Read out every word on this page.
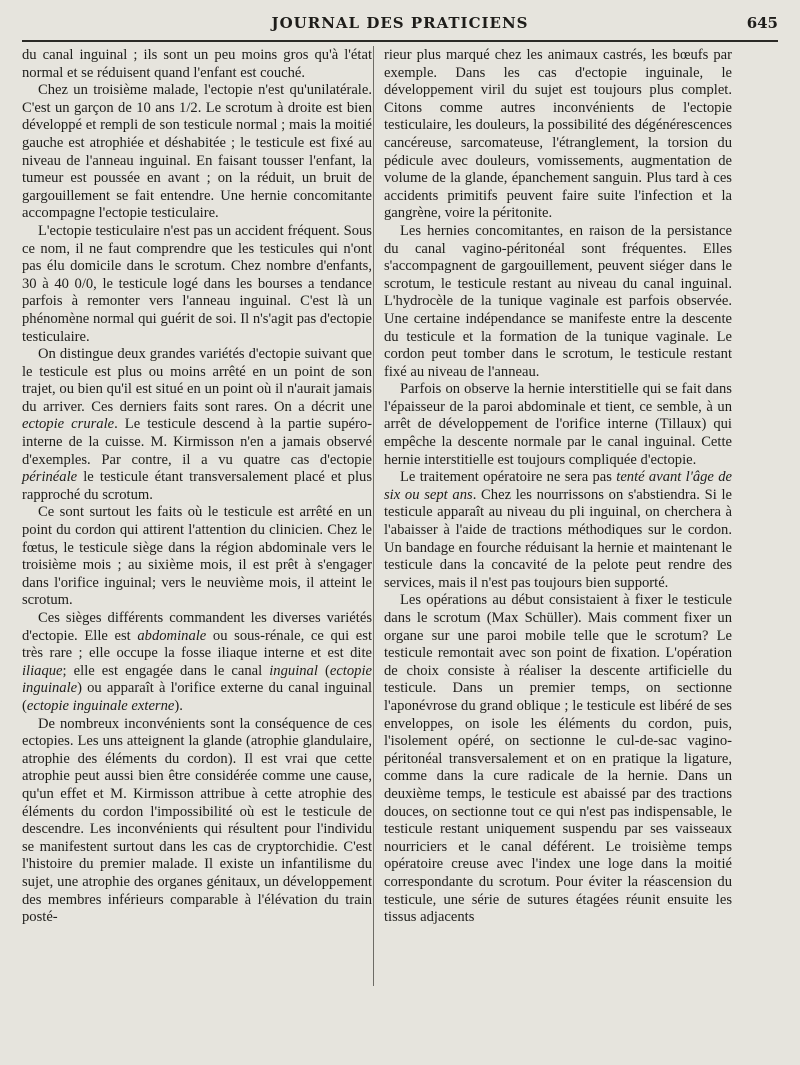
JOURNAL DES PRATICIENS	645

du canal inguinal ; ils sont un peu moins gros qu'à l'état normal et se réduisent quand l'enfant est couché.

Chez un troisième malade, l'ectopie n'est qu'unilatérale. C'est un garçon de 10 ans 1/2. Le scrotum à droite est bien développé et rempli de son testicule normal ; mais la moitié gauche est atrophiée et déshabitée ; le testicule est fixé au niveau de l'anneau inguinal. En faisant tousser l'enfant, la tumeur est poussée en avant ; on la réduit, un bruit de gargouillement se fait entendre. Une hernie concomitante accompagne l'ectopie testiculaire.

L'ectopie testiculaire n'est pas un accident fréquent. Sous ce nom, il ne faut comprendre que les testicules qui n'ont pas élu domicile dans le scrotum. Chez nombre d'enfants, 30 à 40 0/0, le testicule logé dans les bourses a tendance parfois à remonter vers l'anneau inguinal. C'est là un phénomène normal qui guérit de soi. Il n's'agit pas d'ectopie testiculaire.

On distingue deux grandes variétés d'ectopie suivant que le testicule est plus ou moins arrêté en un point de son trajet, ou bien qu'il est situé en un point où il n'aurait jamais du arriver. Ces derniers faits sont rares. On a décrit une ectopie crurale. Le testicule descend à la partie supéro-interne de la cuisse. M. Kirmisson n'en a jamais observé d'exemples. Par contre, il a vu quatre cas d'ectopie périnéale le testicule étant transversalement placé et plus rapproché du scrotum.

Ce sont surtout les faits où le testicule est arrêté en un point du cordon qui attirent l'attention du clinicien. Chez le fœtus, le testicule siège dans la région abdominale vers le troisième mois ; au sixième mois, il est prêt à s'engager dans l'orifice inguinal; vers le neuvième mois, il atteint le scrotum.

Ces sièges différents commandent les diverses variétés d'ectopie. Elle est abdominale ou sous-rénale, ce qui est très rare ; elle occupe la fosse iliaque interne et est dite iliaque; elle est engagée dans le canal inguinal (ectopie inguinale) ou apparaît à l'orifice externe du canal inguinal (ectopie inguinale externe).

De nombreux inconvénients sont la conséquence de ces ectopies. Les uns atteignent la glande (atrophie glandulaire, atrophie des éléments du cordon). Il est vrai que cette atrophie peut aussi bien être considérée comme une cause, qu'un effet et M. Kirmisson attribue à cette atrophie des éléments du cordon l'impossibilité où est le testicule de descendre. Les inconvénients qui résultent pour l'individu se manifestent surtout dans les cas de cryptorchidie. C'est l'histoire du premier malade. Il existe un infantilisme du sujet, une atrophie des organes génitaux, un développement des membres inférieurs comparable à l'élévation du train posté-

rieur plus marqué chez les animaux castrés, les bœufs par exemple. Dans les cas d'ectopie inguinale, le développement viril du sujet est toujours plus complet. Citons comme autres inconvénients de l'ectopie testiculaire, les douleurs, la possibilité des dégénérescences cancéreuse, sarcomateuse, l'étranglement, la torsion du pédicule avec douleurs, vomissements, augmentation de volume de la glande, épanchement sanguin. Plus tard à ces accidents primitifs peuvent faire suite l'infection et la gangrène, voire la péritonite.

Les hernies concomitantes, en raison de la persistance du canal vagino-péritonéal sont fréquentes. Elles s'accompagnent de gargouillement, peuvent siéger dans le scrotum, le testicule restant au niveau du canal inguinal. L'hydrocèle de la tunique vaginale est parfois observée. Une certaine indépendance se manifeste entre la descente du testicule et la formation de la tunique vaginale. Le cordon peut tomber dans le scrotum, le testicule restant fixé au niveau de l'anneau.

Parfois on observe la hernie interstitielle qui se fait dans l'épaisseur de la paroi abdominale et tient, ce semble, à un arrêt de développement de l'orifice interne (Tillaux) qui empêche la descente normale par le canal inguinal. Cette hernie interstitielle est toujours compliquée d'ectopie.

Le traitement opératoire ne sera pas tenté avant l'âge de six ou sept ans. Chez les nourrissons on s'abstiendra. Si le testicule apparaît au niveau du pli inguinal, on cherchera à l'abaisser à l'aide de tractions méthodiques sur le cordon. Un bandage en fourche réduisant la hernie et maintenant le testicule dans la concavité de la pelote peut rendre des services, mais il n'est pas toujours bien supporté.

Les opérations au début consistaient à fixer le testicule dans le scrotum (Max Schüller). Mais comment fixer un organe sur une paroi mobile telle que le scrotum? Le testicule remontait avec son point de fixation. L'opération de choix consiste à réaliser la descente artificielle du testicule. Dans un premier temps, on sectionne l'aponévrose du grand oblique ; le testicule est libéré de ses enveloppes, on isole les éléments du cordon, puis, l'isolement opéré, on sectionne le cul-de-sac vagino-péritonéal transversalement et on en pratique la ligature, comme dans la cure radicale de la hernie. Dans un deuxième temps, le testicule est abaissé par des tractions douces, on sectionne tout ce qui n'est pas indispensable, le testicule restant uniquement suspendu par ses vaisseaux nourriciers et le canal déférent. Le troisième temps opératoire creuse avec l'index une loge dans la moitié correspondante du scrotum. Pour éviter la réascension du testicule, une série de sutures étagées réunit ensuite les tissus adjacents
